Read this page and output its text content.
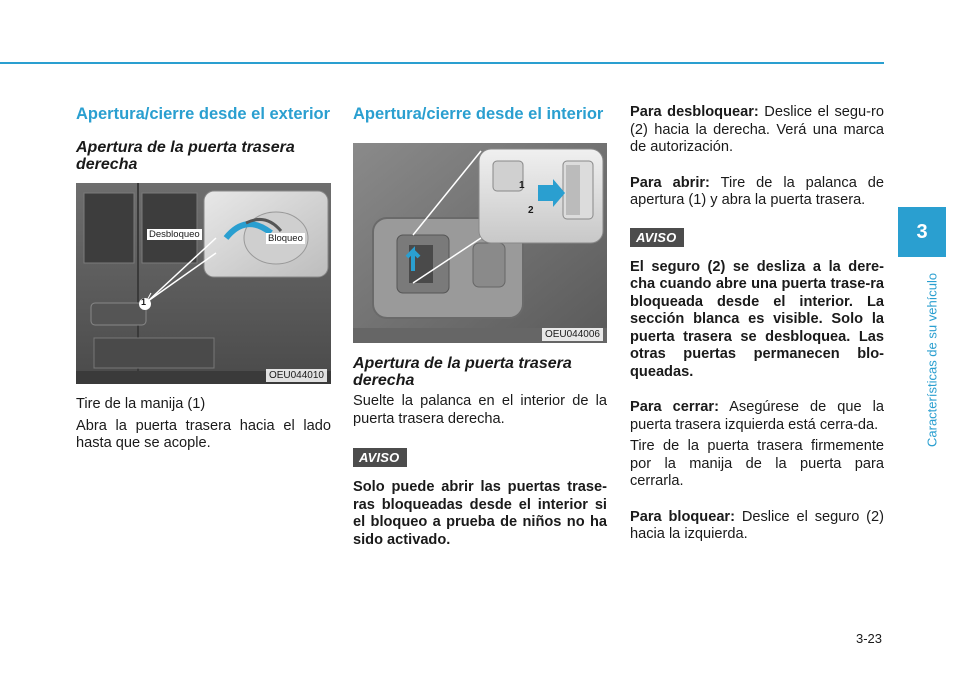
Apertura/cierre desde el exterior
Apertura de la puerta trasera derecha
Desbloqueo	Bloqueo
1
OEU044010

Tire de la manija (1)

Abra la puerta trasera hacia el lado hasta que se acople.

Apertura/cierre desde el interior
1
2
OEU044006
Apertura de la puerta trasera derecha

Suelte la palanca en el interior de la puerta trasera derecha.

AVISO

Solo puede abrir las puertas trase-ras bloqueadas desde el interior si el bloqueo a prueba de niños no ha sido activado.

Para desbloquear: Deslice el segu-ro (2) hacia la derecha. Verá una marca de autorización.

Para abrir: Tire de la palanca de apertura (1) y abra la puerta trasera.

AVISO

El seguro (2) se desliza a la dere-cha cuando abre una puerta trase-ra bloqueada desde el interior. La sección blanca es visible. Solo la puerta trasera se desbloquea. Las otras puertas permanecen blo-queadas.

Para cerrar: Asegúrese de que la puerta trasera izquierda está cerra-da.

Tire de la puerta trasera firmemente por la manija de la puerta para cerrarla.

Para bloquear: Deslice el seguro (2) hacia la izquierda.

3
Características de su vehículo
3-23
